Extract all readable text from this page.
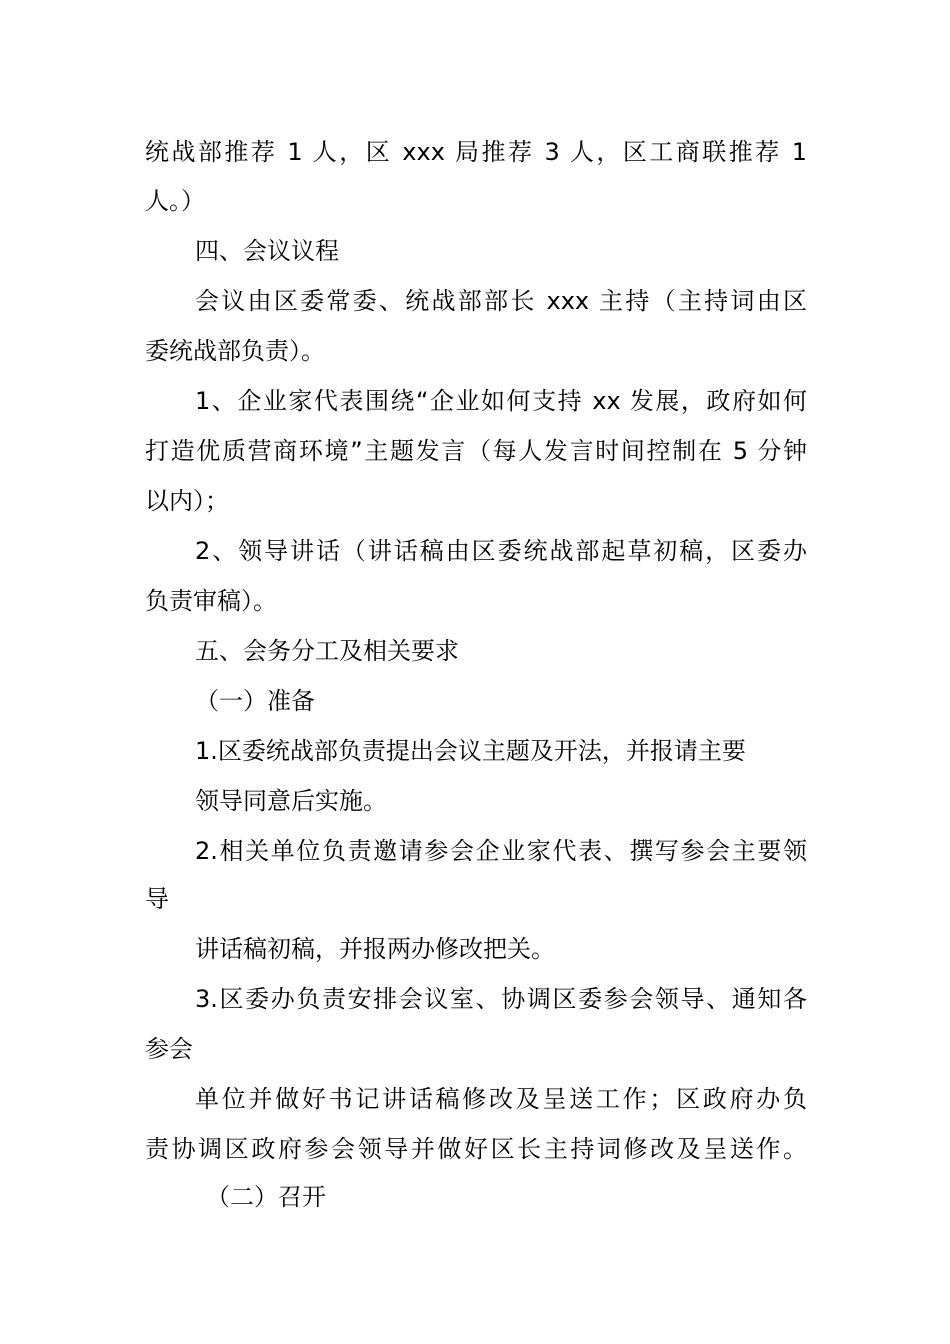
统战部推荐 1 人，区 xxx 局推荐 3 人，区工商联推荐 1

人。）

四、会议议程

会议由区委常委、统战部部长 xxx 主持（主持词由区

委统战部负责）。

1、企业家代表围绕“企业如何支持 xx 发展，政府如何

打造优质营商环境”主题发言（每人发言时间控制在 5 分钟

以内）；

2、领导讲话（讲话稿由区委统战部起草初稿，区委办

负责审稿）。

五、会务分工及相关要求

（一）准备

1.区委统战部负责提出会议主题及开法，并报请主要

领导同意后实施。

2.相关单位负责邀请参会企业家代表、撰写参会主要领

导

讲话稿初稿，并报两办修改把关。

3.区委办负责安排会议室、协调区委参会领导、通知各

参会

单位并做好书记讲话稿修改及呈送工作；区政府办负

责协调区政府参会领导并做好区长主持词修改及呈送作。

（二）召开
